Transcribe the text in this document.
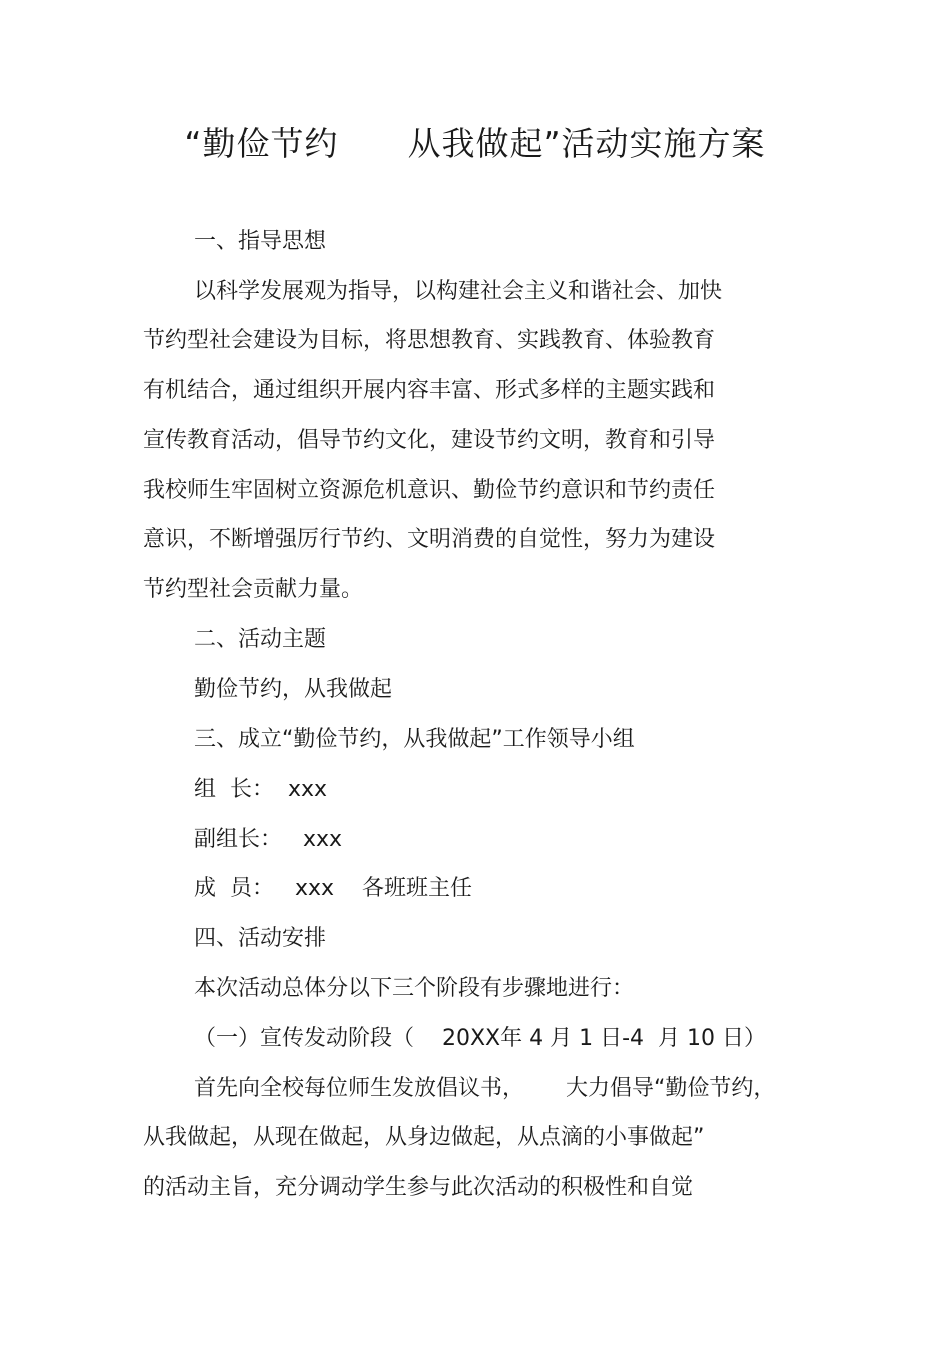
“勤俭节约      从我做起”活动实施方案

一、指导思想

以科学发展观为指导，以构建社会主义和谐社会、加快

节约型社会建设为目标，将思想教育、实践教育、体验教育

有机结合，通过组织开展内容丰富、形式多样的主题实践和

宣传教育活动，倡导节约文化，建设节约文明，教育和引导

我校师生牢固树立资源危机意识、勤俭节约意识和节约责任

意识，不断增强厉行节约、文明消费的自觉性，努力为建设

节约型社会贡献力量。

二、活动主题

勤俭节约，从我做起

三、成立“勤俭节约，从我做起”工作领导小组

组  长：  xxx

副组长：   xxx

成  员：   xxx    各班班主任

四、活动安排

本次活动总体分以下三个阶段有步骤地进行：

（一）宣传发动阶段（    20XX年 4 月 1 日-4  月 10 日）

首先向全校每位师生发放倡议书，      大力倡导“勤俭节约，

从我做起，从现在做起，从身边做起，从点滴的小事做起”

的活动主旨，充分调动学生参与此次活动的积极性和自觉
